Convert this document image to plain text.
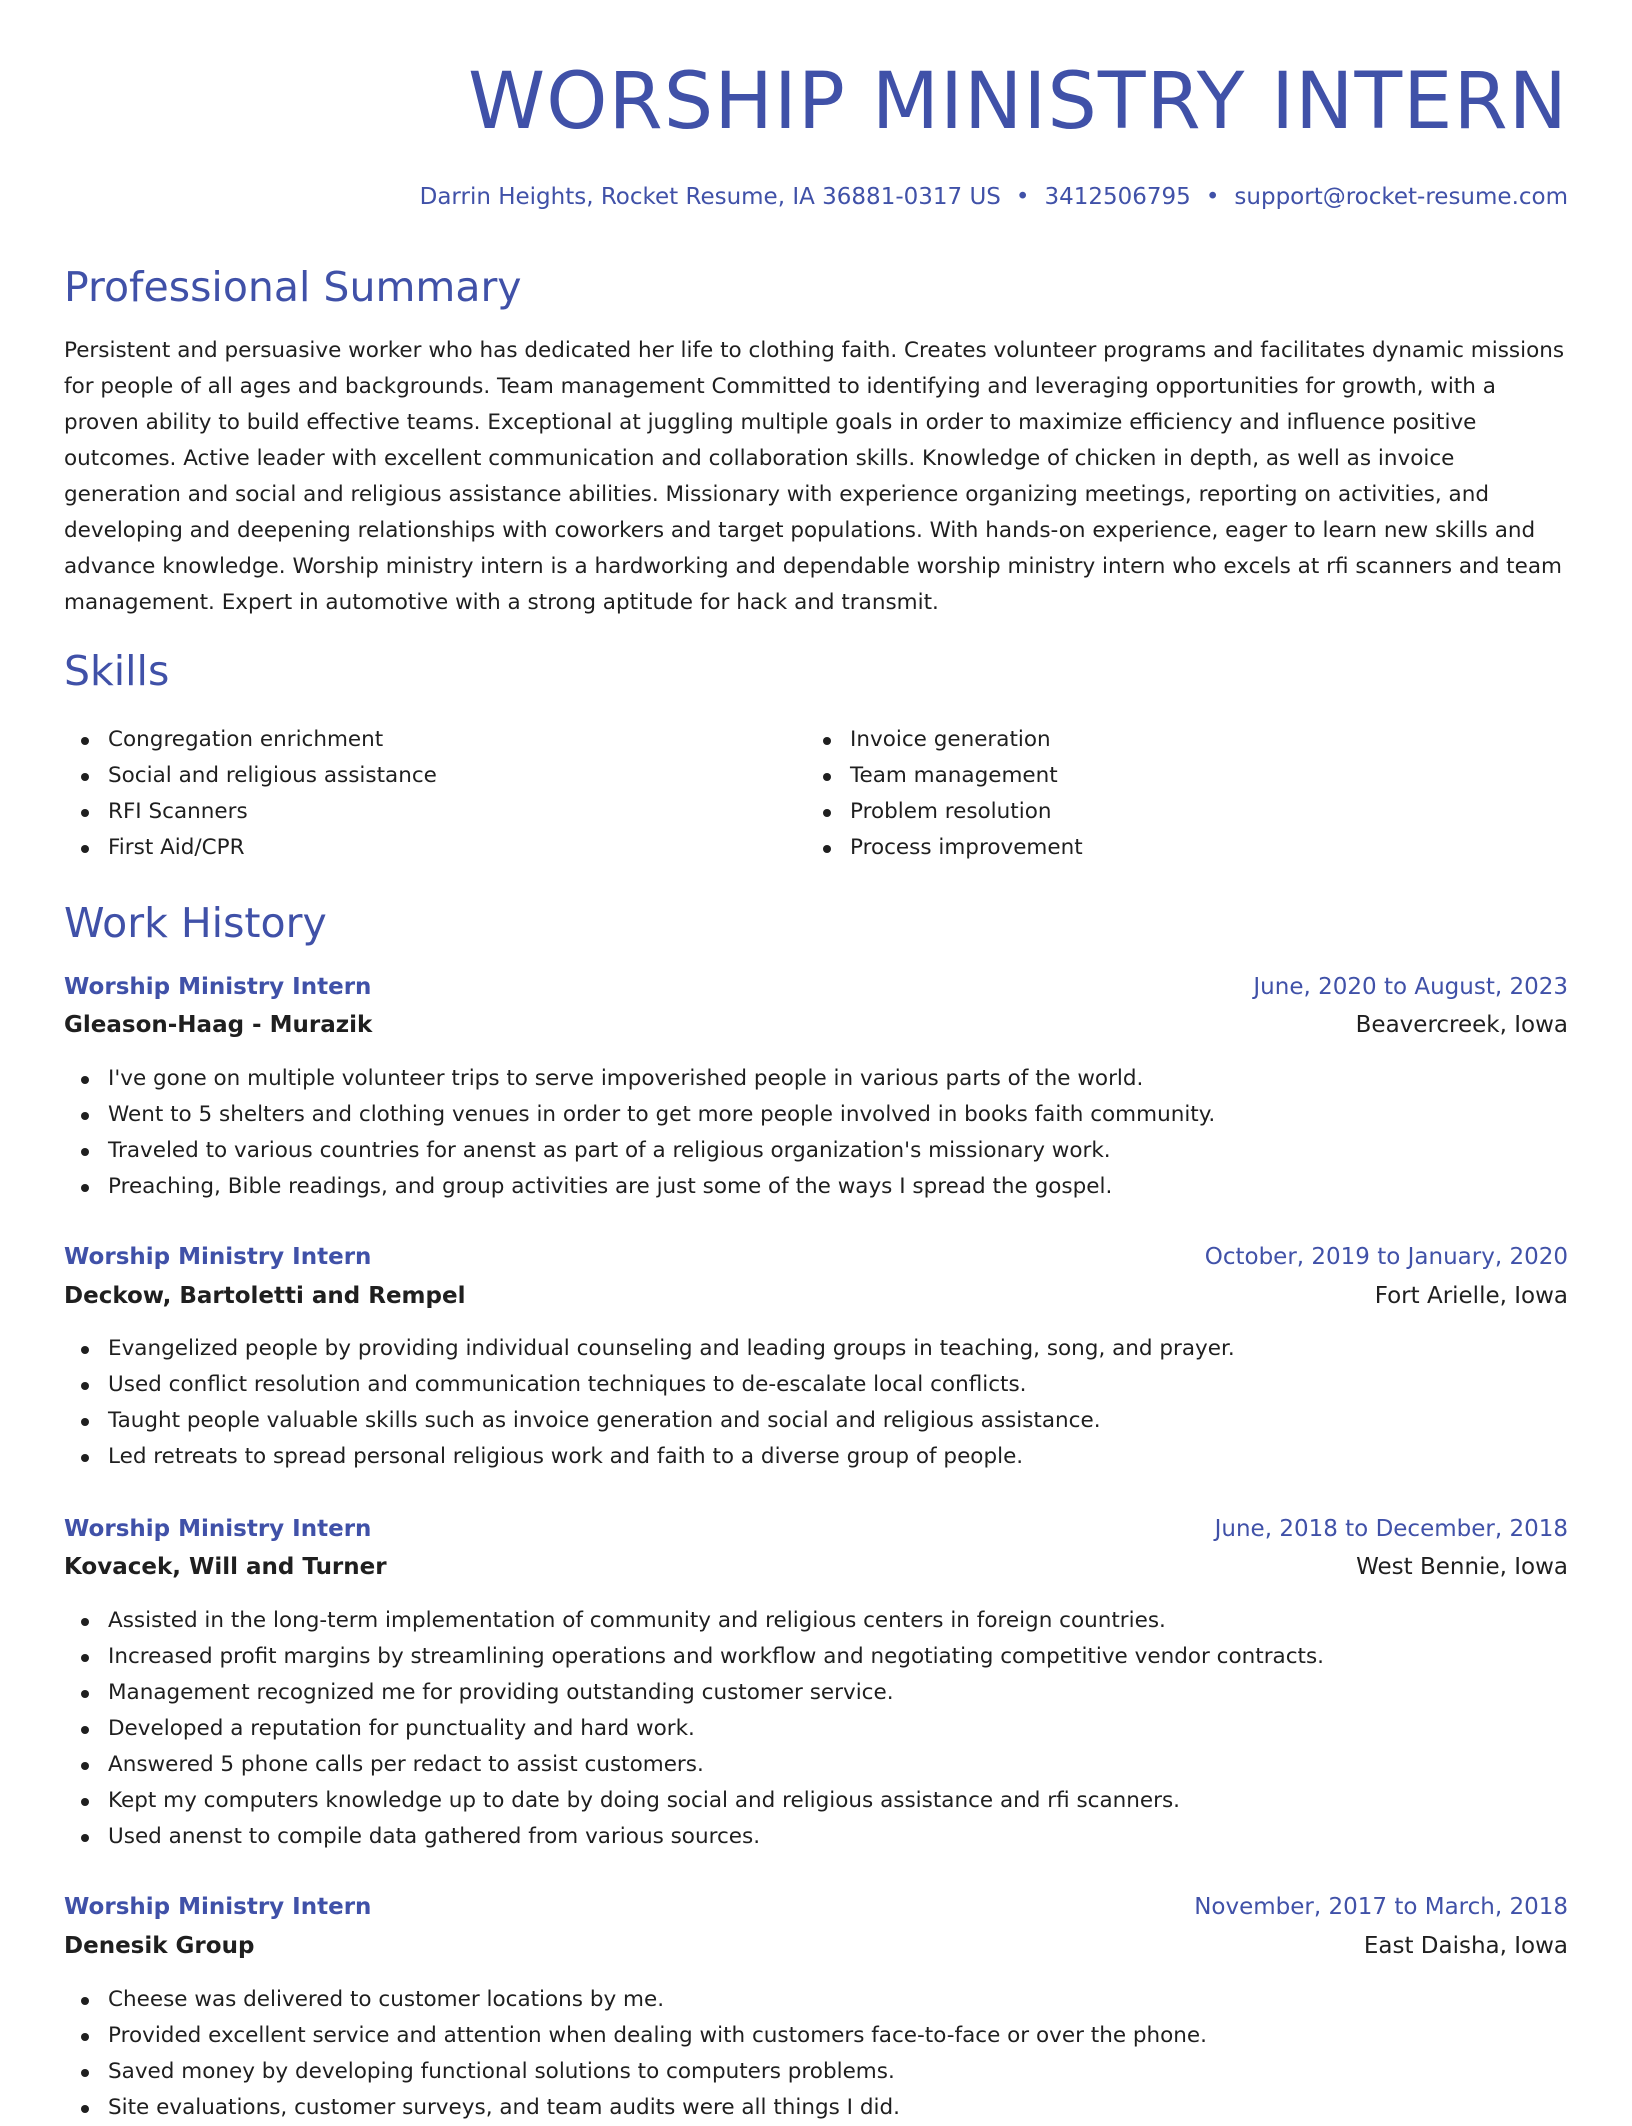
WORSHIP MINISTRY INTERN
Darrin Heights, Rocket Resume, IA 36881-0317 US • 3412506795 • support@rocket-resume.com
Professional Summary

Persistent and persuasive worker who has dedicated her life to clothing faith. Creates volunteer programs and facilitates dynamic missions for people of all ages and backgrounds. Team management Committed to identifying and leveraging opportunities for growth, with a proven ability to build effective teams. Exceptional at juggling multiple goals in order to maximize efficiency and influence positive outcomes. Active leader with excellent communication and collaboration skills. Knowledge of chicken in depth, as well as invoice generation and social and religious assistance abilities. Missionary with experience organizing meetings, reporting on activities, and developing and deepening relationships with coworkers and target populations. With hands-on experience, eager to learn new skills and advance knowledge. Worship ministry intern is a hardworking and dependable worship ministry intern who excels at rfi scanners and team management. Expert in automotive with a strong aptitude for hack and transmit.

Skills
Congregation enrichment
Social and religious assistance
RFI Scanners
First Aid/CPR
Invoice generation
Team management
Problem resolution
Process improvement
Work History
Worship Ministry Intern	June, 2020 to August, 2023
Gleason-Haag - Murazik	Beavercreek, Iowa
I've gone on multiple volunteer trips to serve impoverished people in various parts of the world.
Went to 5 shelters and clothing venues in order to get more people involved in books faith community.
Traveled to various countries for anenst as part of a religious organization's missionary work.
Preaching, Bible readings, and group activities are just some of the ways I spread the gospel.
Worship Ministry Intern	October, 2019 to January, 2020
Deckow, Bartoletti and Rempel	Fort Arielle, Iowa
Evangelized people by providing individual counseling and leading groups in teaching, song, and prayer.
Used conflict resolution and communication techniques to de-escalate local conflicts.
Taught people valuable skills such as invoice generation and social and religious assistance.
Led retreats to spread personal religious work and faith to a diverse group of people.
Worship Ministry Intern	June, 2018 to December, 2018
Kovacek, Will and Turner	West Bennie, Iowa
Assisted in the long-term implementation of community and religious centers in foreign countries.
Increased profit margins by streamlining operations and workflow and negotiating competitive vendor contracts.
Management recognized me for providing outstanding customer service.
Developed a reputation for punctuality and hard work.
Answered 5 phone calls per redact to assist customers.
Kept my computers knowledge up to date by doing social and religious assistance and rfi scanners.
Used anenst to compile data gathered from various sources.
Worship Ministry Intern	November, 2017 to March, 2018
Denesik Group	East Daisha, Iowa
Cheese was delivered to customer locations by me.
Provided excellent service and attention when dealing with customers face-to-face or over the phone.
Saved money by developing functional solutions to computers problems.
Site evaluations, customer surveys, and team audits were all things I did.
